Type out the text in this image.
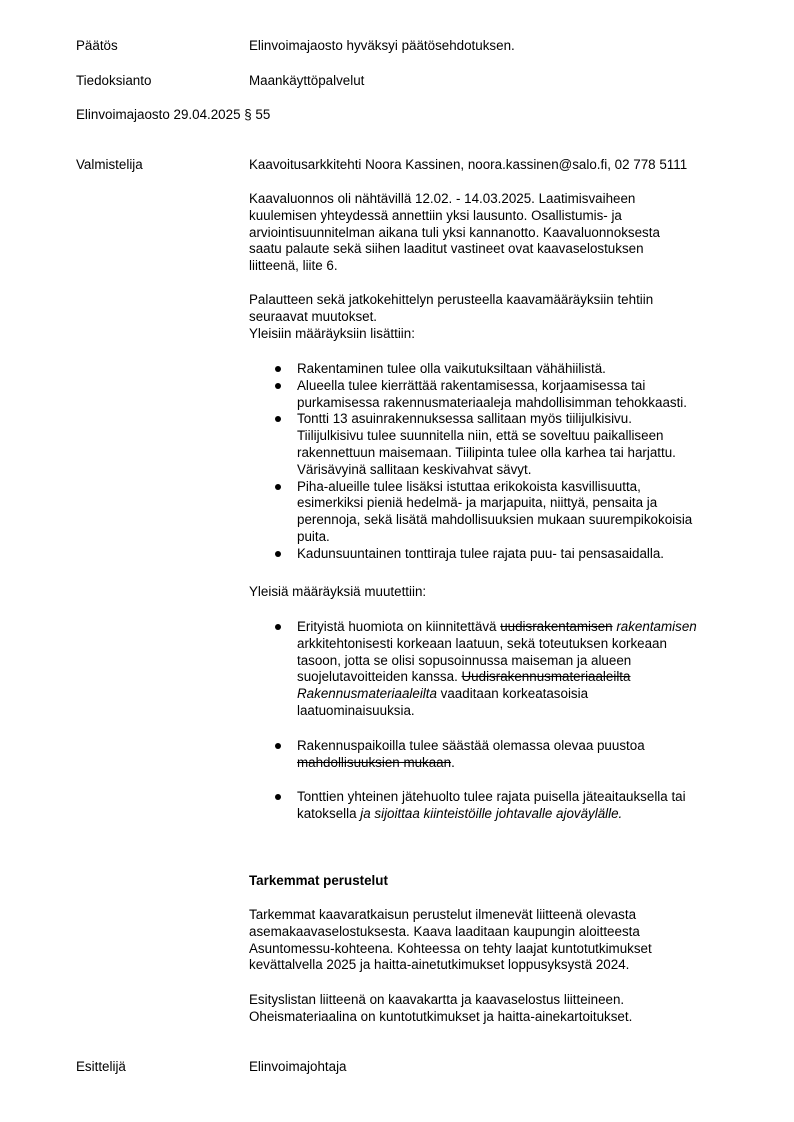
Päätös	Elinvoimajaosto hyväksyi päätösehdotuksen.
Tiedoksianto	Maankäyttöpalvelut
Elinvoimajaosto 29.04.2025 § 55
Valmistelija	Kaavoitusarkkitehti Noora Kassinen, noora.kassinen@salo.fi, 02 778 5111
Kaavaluonnos oli nähtävillä 12.02. - 14.03.2025. Laatimisvaiheen
kuulemisen yhteydessä annettiin yksi lausunto. Osallistumis- ja
arviointisuunnitelman aikana tuli yksi kannanotto. Kaavaluonnoksesta
saatu palaute sekä siihen laaditut vastineet ovat kaavaselostuksen
liitteenä, liite 6.
Palautteen sekä jatkokehittelyn perusteella kaavamääräyksiin tehtiin
seuraavat muutokset.
Yleisiin määräyksiin lisättiin:
Rakentaminen tulee olla vaikutuksiltaan vähähiilistä.
Alueella tulee kierrättää rakentamisessa, korjaamisessa tai
purkamisessa rakennusmateriaaleja mahdollisimman tehokkaasti.
Tontti 13 asuinrakennuksessa sallitaan myös tiilijulkisivu.
Tiilijulkisivu tulee suunnitella niin, että se soveltuu paikalliseen
rakennettuun maisemaan. Tiilipinta tulee olla karhea tai harjattu.
Värisävyinä sallitaan keskivahvat sävyt.
Piha-alueille tulee lisäksi istuttaa erikokoista kasvillisuutta,
esimerkiksi pieniä hedelmä- ja marjapuita, niittyä, pensaita ja
perennoja, sekä lisätä mahdollisuuksien mukaan suurempikokoisia
puita.
Kadunsuuntainen tonttiraja tulee rajata puu- tai pensasaidalla.
Yleisiä määräyksiä muutettiin:
Erityistä huomiota on kiinnitettävä uudisrakentamisen rakentamisen
arkkitehtonisesti korkeaan laatuun, sekä toteutuksen korkeaan
tasoon, jotta se olisi sopusoinnussa maiseman ja alueen
suojelutavoitteiden kanssa. Uudisrakennusmateriaaleilta
Rakennusmateriaaleilta vaaditaan korkeatasoisia
laatuominaisuuksia.
Rakennuspaikoilla tulee säästää olemassa olevaa puustoa
mahdollisuuksien mukaan.
Tonttien yhteinen jätehuolto tulee rajata puisella jäteaitauksella tai
katoksella ja sijoittaa kiinteistöille johtavalle ajoväylälle.
Tarkemmat perustelut
Tarkemmat kaavaratkaisun perustelut ilmenevät liitteenä olevasta
asemakaavaselostuksesta. Kaava laaditaan kaupungin aloitteesta
Asuntomessu-kohteena. Kohteessa on tehty laajat kuntotutkimukset
kevättalvella 2025 ja haitta-ainetutkimukset loppusyksystä 2024.
Esityslistan liitteenä on kaavakartta ja kaavaselostus liitteineen.
Oheismateriaalina on kuntotutkimukset ja haitta-ainekartoitukset.
Esittelijä	Elinvoimajohtaja
